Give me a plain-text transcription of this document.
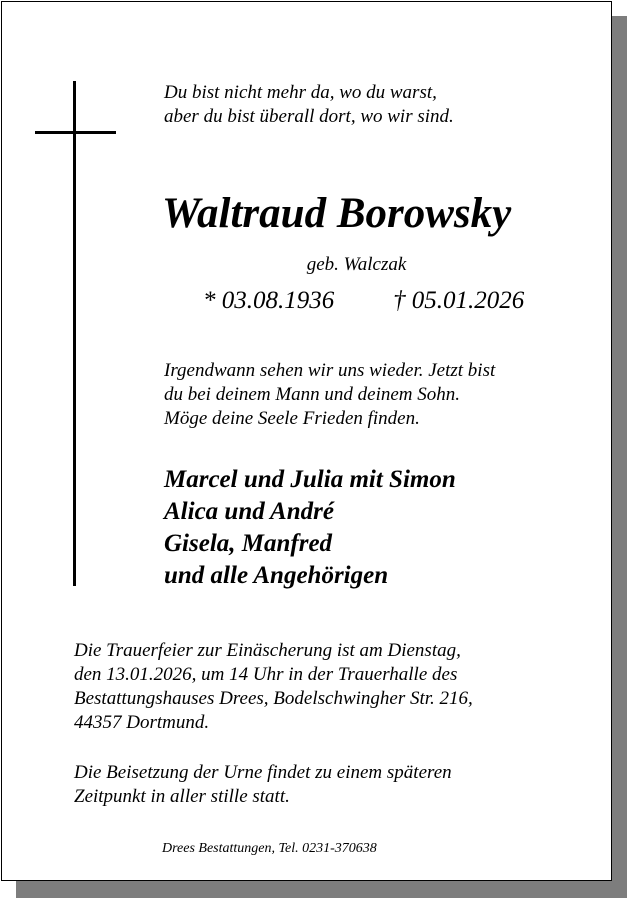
Du bist nicht mehr da, wo du warst,
aber du bist überall dort, wo wir sind.
Waltraud Borowsky
geb. Walczak
* 03.08.1936 † 05.01.2026
Irgendwann sehen wir uns wieder. Jetzt bist
du bei deinem Mann und deinem Sohn.
Möge deine Seele Frieden finden.
Marcel und Julia mit Simon
Alica und André
Gisela, Manfred
und alle Angehörigen
Die Trauerfeier zur Einäscherung ist am Dienstag,
den 13.01.2026, um 14 Uhr in der Trauerhalle des
Bestattungshauses Drees, Bodelschwingher Str. 216,
44357 Dortmund.
Die Beisetzung der Urne findet zu einem späteren
Zeitpunkt in aller stille statt.
Drees Bestattungen, Tel. 0231-370638
